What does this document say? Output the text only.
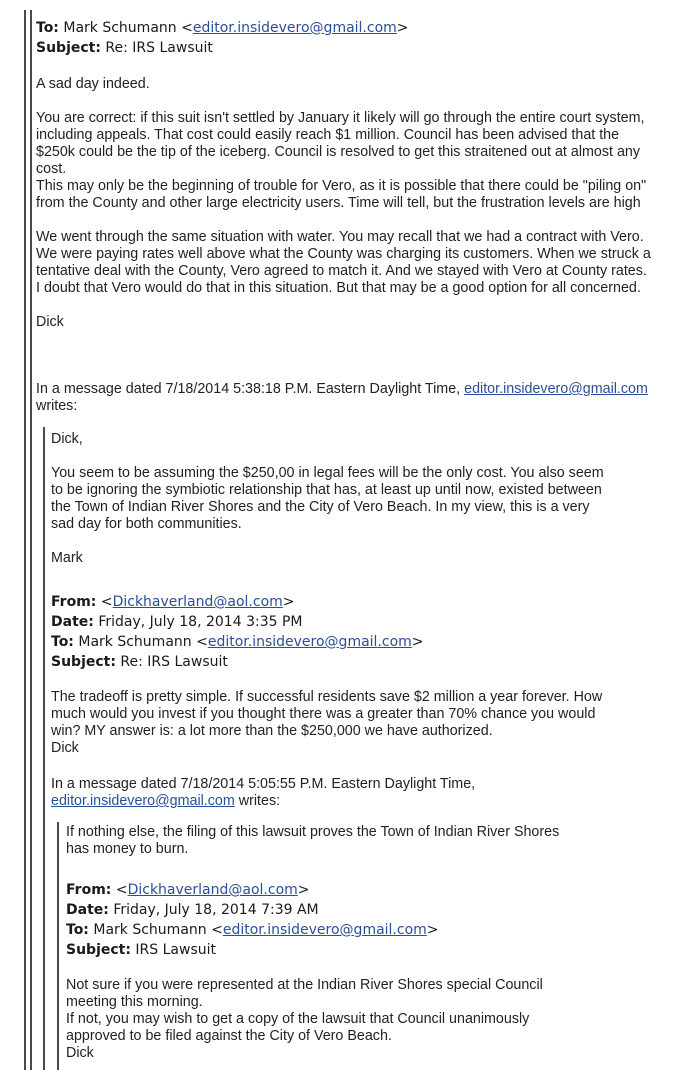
To: Mark Schumann <editor.insidevero@gmail.com>
Subject: Re: IRS Lawsuit

A sad day indeed.

You are correct: if this suit isn't settled by January it likely will go through the entire court system,

including appeals. That cost could easily reach $1 million. Council has been advised that the

$250k could be the tip of the iceberg. Council is resolved to get this straitened out at almost any

cost.

This may only be the beginning of trouble for Vero, as it is possible that there could be "piling on"

from the County and other large electricity users. Time will tell, but the frustration levels are high

We went through the same situation with water. You may recall that we had a contract with Vero.

We were paying rates well above what the County was charging its customers. When we struck a

tentative deal with the County, Vero agreed to match it. And we stayed with Vero at County rates.

I doubt that Vero would do that in this situation. But that may be a good option for all concerned.

Dick

In a message dated 7/18/2014 5:38:18 P.M. Eastern Daylight Time, editor.insidevero@gmail.com

writes:

Dick,

You seem to be assuming the $250,00 in legal fees will be the only cost. You also seem

to be ignoring the symbiotic relationship that has, at least up until now, existed between

the Town of Indian River Shores and the City of Vero Beach. In my view, this is a very

sad day for both communities.

Mark

From: <Dickhaverland@aol.com>
Date: Friday, July 18, 2014 3:35 PM
To: Mark Schumann <editor.insidevero@gmail.com>
Subject: Re: IRS Lawsuit

The tradeoff is pretty simple. If successful residents save $2 million a year forever. How

much would you invest if you thought there was a greater than 70% chance you would

win? MY answer is: a lot more than the $250,000 we have authorized.

Dick

In a message dated 7/18/2014 5:05:55 P.M. Eastern Daylight Time,

editor.insidevero@gmail.com writes:

If nothing else, the filing of this lawsuit proves the Town of Indian River Shores

has money to burn.

From: <Dickhaverland@aol.com>
Date: Friday, July 18, 2014 7:39 AM
To: Mark Schumann <editor.insidevero@gmail.com>
Subject: IRS Lawsuit

Not sure if you were represented at the Indian River Shores special Council

meeting this morning.

If not, you may wish to get a copy of the lawsuit that Council unanimously

approved to be filed against the City of Vero Beach.

Dick
